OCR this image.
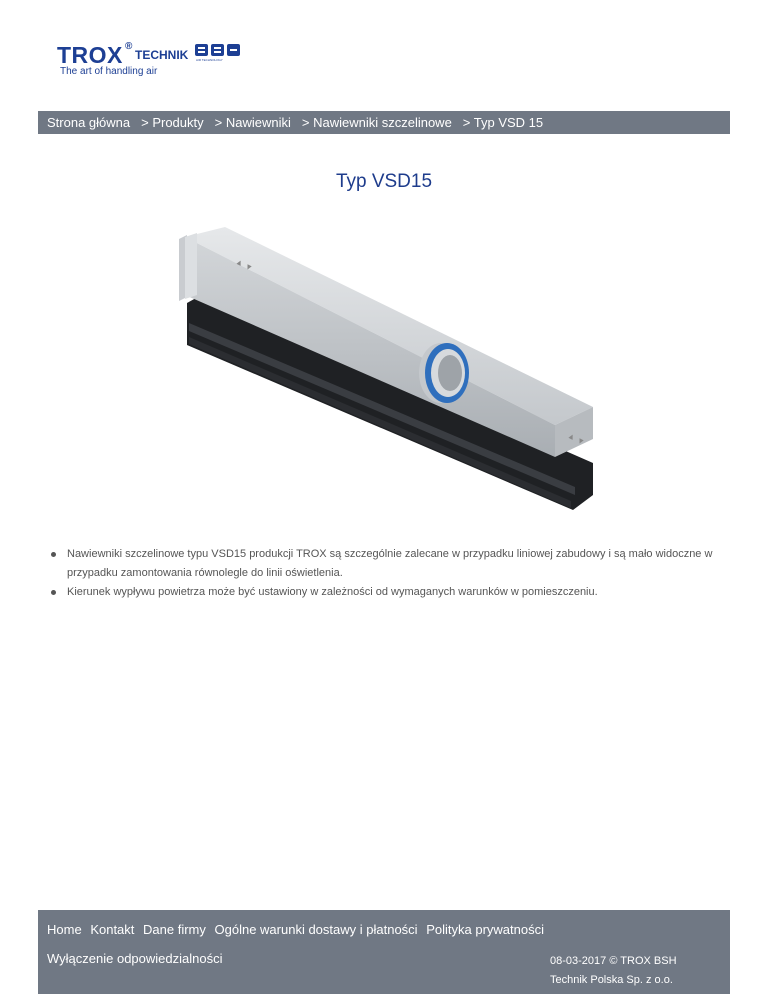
TROX ®
TECHNIK	AIR TECHNOLOGY
The art of handling air
Strona główna > Produkty > Nawiewniki > Nawiewniki szczelinowe > Typ VSD 15
Typ VSD15
▲ ▼
▲ ▼
Nawiewniki szczelinowe typu VSD15 produkcji TROX są szczególnie zalecane w przypadku liniowej zabudowy i są mało widoczne w przypadku zamontowania równolegle do linii oświetlenia.
Kierunek wypływu powietrza może być ustawiony w zależności od wymaganych warunków w pomieszczeniu.
Home Kontakt Dane firmy Ogólne warunki dostawy i płatności Polityka prywatności
Wyłączenie odpowiedzialności	08-03-2017 © TROX BSH
Technik Polska Sp. z o.o.
